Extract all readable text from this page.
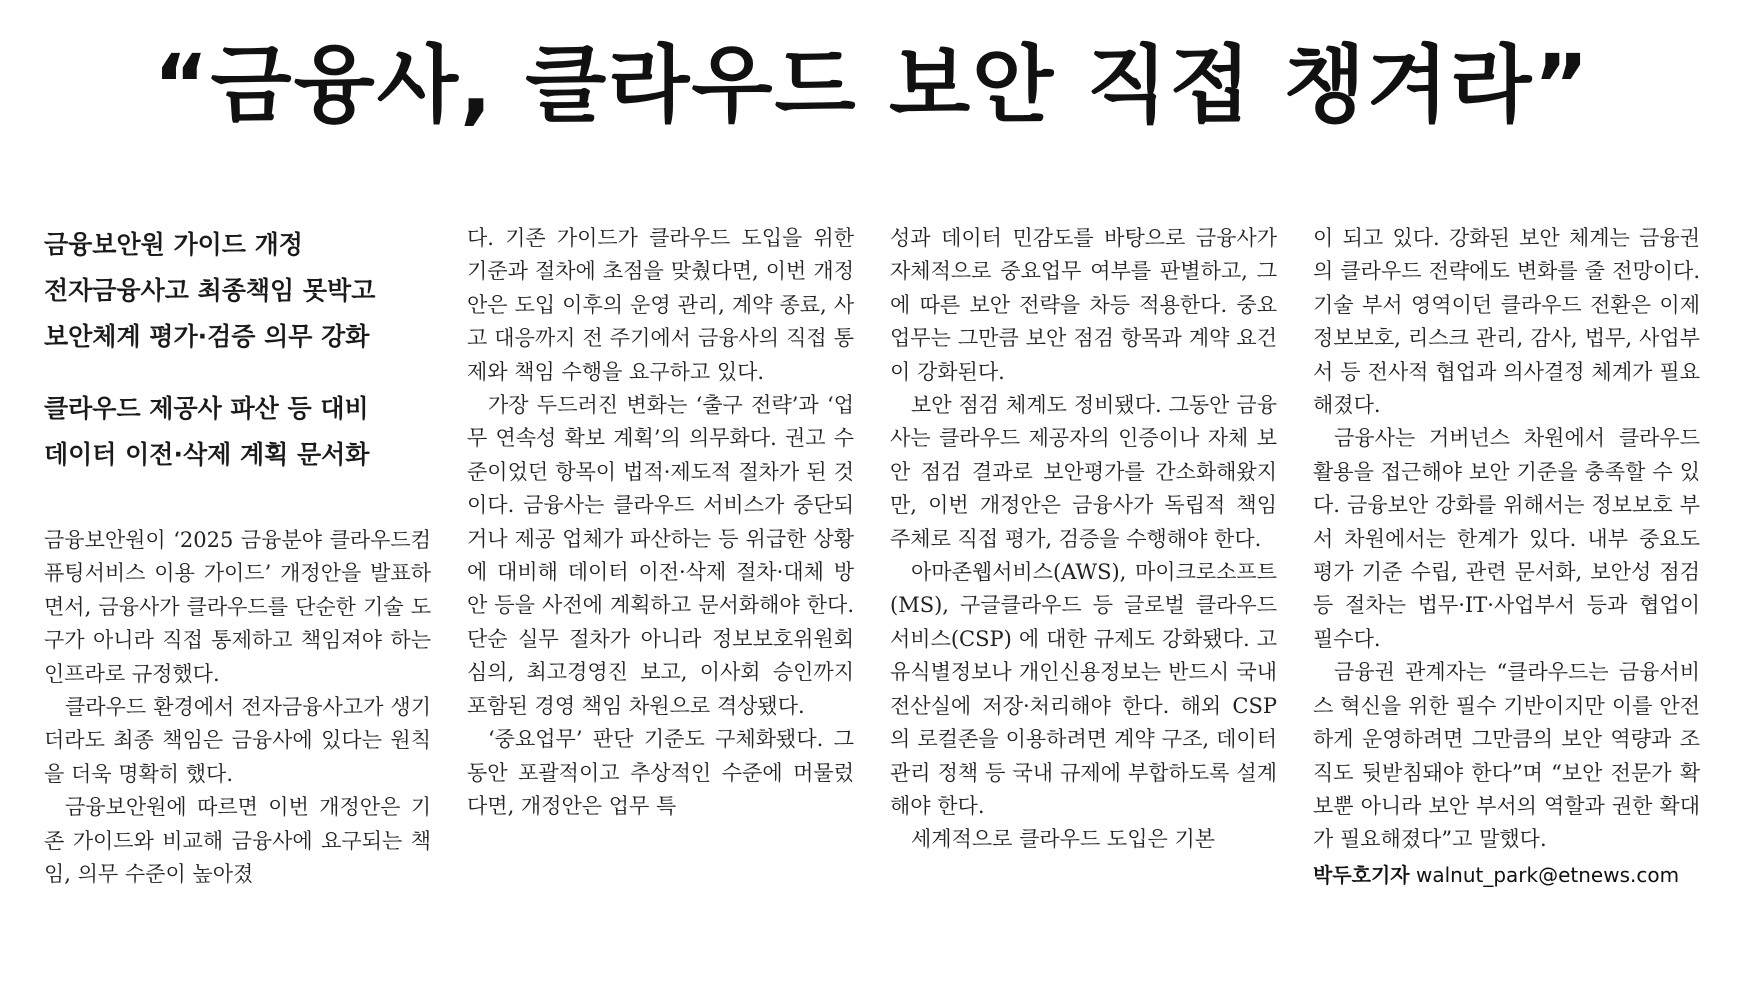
“금융사, 클라우드 보안 직접 챙겨라”
금융보안원 가이드 개정
전자금융사고 최종책임 못박고
보안체계 평가·검증 의무 강화
클라우드 제공사 파산 등 대비
데이터 이전·삭제 계획 문서화

금융보안원이 ‘2025 금융분야 클라우드컴퓨팅서비스 이용 가이드’ 개정안을 발표하면서, 금융사가 클라우드를 단순한 기술 도구가 아니라 직접 통제하고 책임져야 하는 인프라로 규정했다.

클라우드 환경에서 전자금융사고가 생기더라도 최종 책임은 금융사에 있다는 원칙을 더욱 명확히 했다.

금융보안원에 따르면 이번 개정안은 기존 가이드와 비교해 금융사에 요구되는 책임, 의무 수준이 높아졌

다. 기존 가이드가 클라우드 도입을 위한 기준과 절차에 초점을 맞췄다면, 이번 개정안은 도입 이후의 운영 관리, 계약 종료, 사고 대응까지 전 주기에서 금융사의 직접 통제와 책임 수행을 요구하고 있다.

가장 두드러진 변화는 ‘출구 전략’과 ‘업무 연속성 확보 계획’의 의무화다. 권고 수준이었던 항목이 법적·제도적 절차가 된 것이다. 금융사는 클라우드 서비스가 중단되거나 제공 업체가 파산하는 등 위급한 상황에 대비해 데이터 이전·삭제 절차·대체 방안 등을 사전에 계획하고 문서화해야 한다. 단순 실무 절차가 아니라 정보보호위원회 심의, 최고경영진 보고, 이사회 승인까지 포함된 경영 책임 차원으로 격상됐다.

‘중요업무’ 판단 기준도 구체화됐다. 그동안 포괄적이고 추상적인 수준에 머물렀다면, 개정안은 업무 특

성과 데이터 민감도를 바탕으로 금융사가 자체적으로 중요업무 여부를 판별하고, 그에 따른 보안 전략을 차등 적용한다. 중요업무는 그만큼 보안 점검 항목과 계약 요건이 강화된다.

보안 점검 체계도 정비됐다. 그동안 금융사는 클라우드 제공자의 인증이나 자체 보안 점검 결과로 보안평가를 간소화해왔지만, 이번 개정안은 금융사가 독립적 책임 주체로 직접 평가, 검증을 수행해야 한다.

아마존웹서비스(AWS), 마이크로소프트(MS), 구글클라우드 등 글로벌 클라우드 서비스(CSP) 에 대한 규제도 강화됐다. 고유식별정보나 개인신용정보는 반드시 국내 전산실에 저장·처리해야 한다. 해외 CSP의 로컬존을 이용하려면 계약 구조, 데이터 관리 정책 등 국내 규제에 부합하도록 설계해야 한다.

세계적으로 클라우드 도입은 기본

이 되고 있다. 강화된 보안 체계는 금융권의 클라우드 전략에도 변화를 줄 전망이다. 기술 부서 영역이던 클라우드 전환은 이제 정보보호, 리스크 관리, 감사, 법무, 사업부서 등 전사적 협업과 의사결정 체계가 필요해졌다.

금융사는 거버넌스 차원에서 클라우드 활용을 접근해야 보안 기준을 충족할 수 있다. 금융보안 강화를 위해서는 정보보호 부서 차원에서는 한계가 있다. 내부 중요도 평가 기준 수립, 관련 문서화, 보안성 점검 등 절차는 법무·IT·사업부서 등과 협업이 필수다.

금융권 관계자는 “클라우드는 금융서비스 혁신을 위한 필수 기반이지만 이를 안전하게 운영하려면 그만큼의 보안 역량과 조직도 뒷받침돼야 한다”며 “보안 전문가 확보뿐 아니라 보안 부서의 역할과 권한 확대가 필요해졌다”고 말했다.

박두호기자 walnut_park@etnews.com
